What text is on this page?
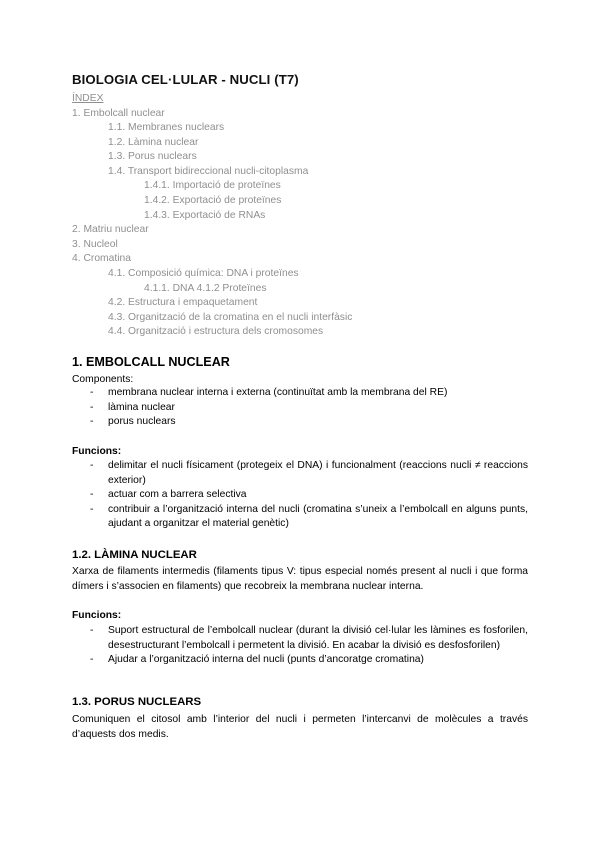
BIOLOGIA CEL·LULAR - NUCLI (T7)
ÍNDEX
1. Embolcall nuclear
1.1. Membranes nuclears
1.2. Làmina nuclear
1.3. Porus nuclears
1.4. Transport bidireccional nucli-citoplasma
1.4.1. Importació de proteïnes
1.4.2. Exportació de proteïnes
1.4.3. Exportació de RNAs
2. Matriu nuclear
3. Nucleol
4. Cromatina
4.1. Composició química: DNA i proteïnes
4.1.1. DNA 4.1.2 Proteïnes
4.2. Estructura i empaquetament
4.3. Organització de la cromatina en el nucli interfàsic
4.4. Organització i estructura dels cromosomes
1. EMBOLCALL NUCLEAR

Components:

- membrana nuclear interna i externa (continuïtat amb la membrana del RE)
- làmina nuclear
- porus nuclears

Funcions:

- delimitar el nucli físicament (protegeix el DNA) i funcionalment (reaccions nucli ≠ reaccions exterior)
- actuar com a barrera selectiva
- contribuir a l’organització interna del nucli (cromatina s’uneix a l’embolcall en alguns punts, ajudant a organitzar el material genètic)
1.2. LÀMINA NUCLEAR

Xarxa de filaments intermedis (filaments tipus V: tipus especial només present al nucli i que forma dímers i s’associen en filaments) que recobreix la membrana nuclear interna.

Funcions:

- Suport estructural de l’embolcall nuclear (durant la divisió cel·lular les làmines es fosforilen, desestructurant l’embolcall i permetent la divisió. En acabar la divisió es desfosforilen)
- Ajudar a l’organització interna del nucli (punts d’ancoratge cromatina)
1.3. PORUS NUCLEARS

Comuniquen el citosol amb l’interior del nucli i permeten l’intercanvi de molècules a través d’aquests dos medis.
